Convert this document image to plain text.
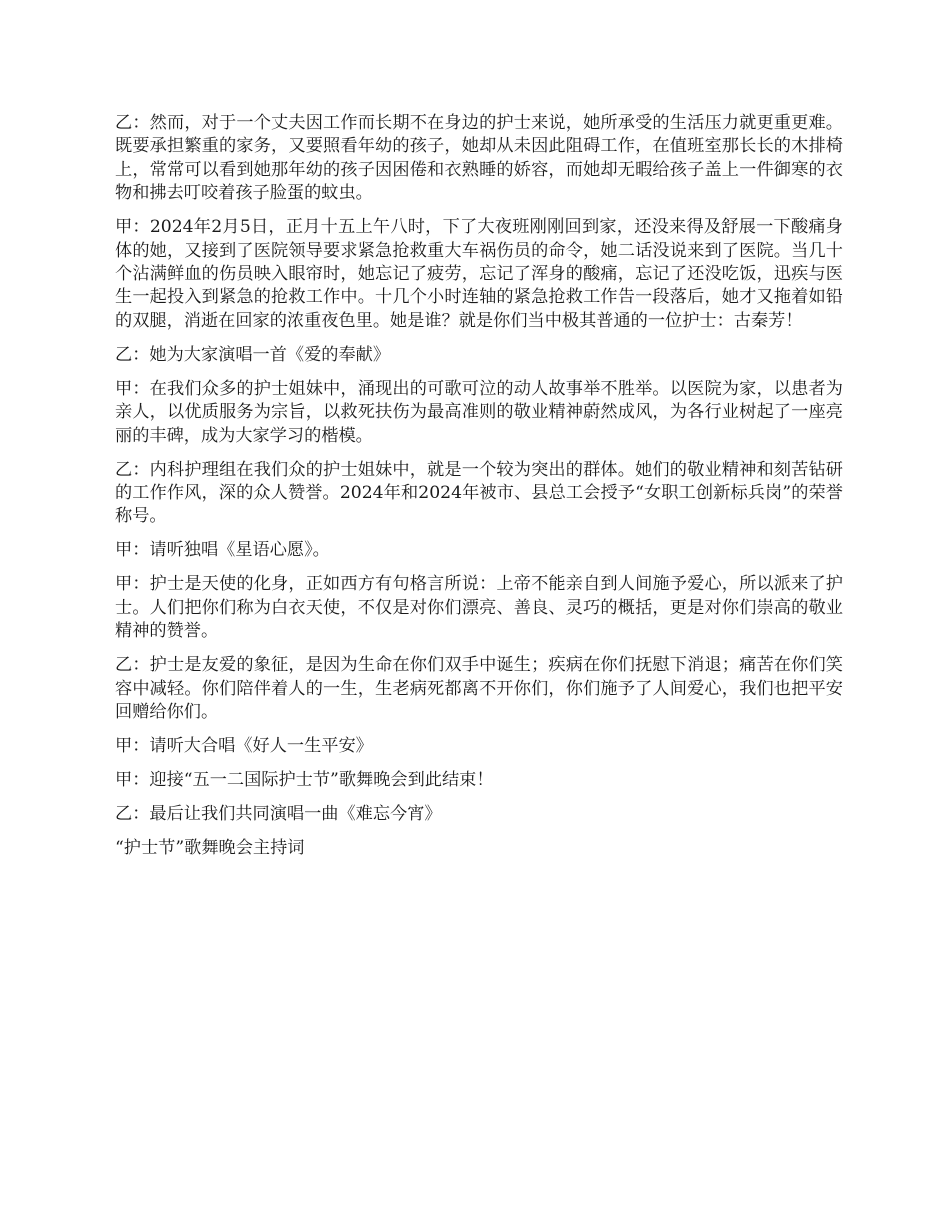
乙：然而，对于一个丈夫因工作而长期不在身边的护士来说，她所承受的生活压力就更重更难。既要承担繁重的家务，又要照看年幼的孩子，她却从未因此阻碍工作，在值班室那长长的木排椅上，常常可以看到她那年幼的孩子因困倦和衣熟睡的娇容，而她却无暇给孩子盖上一件御寒的衣物和拂去叮咬着孩子脸蛋的蚊虫。

甲：2024年2月5日，正月十五上午八时，下了大夜班刚刚回到家，还没来得及舒展一下酸痛身体的她，又接到了医院领导要求紧急抢救重大车祸伤员的命令，她二话没说来到了医院。当几十个沾满鲜血的伤员映入眼帘时，她忘记了疲劳，忘记了浑身的酸痛，忘记了还没吃饭，迅疾与医生一起投入到紧急的抢救工作中。十几个小时连轴的紧急抢救工作告一段落后，她才又拖着如铅的双腿，消逝在回家的浓重夜色里。她是谁？就是你们当中极其普通的一位护士：古秦芳！

乙：她为大家演唱一首《爱的奉献》

甲：在我们众多的护士姐妹中，涌现出的可歌可泣的动人故事举不胜举。以医院为家，以患者为亲人，以优质服务为宗旨，以救死扶伤为最高准则的敬业精神蔚然成风，为各行业树起了一座亮丽的丰碑，成为大家学习的楷模。

乙：内科护理组在我们众的护士姐妹中，就是一个较为突出的群体。她们的敬业精神和刻苦钻研的工作作风，深的众人赞誉。2024年和2024年被市、县总工会授予“女职工创新标兵岗”的荣誉称号。

甲：请听独唱《星语心愿》。

甲：护士是天使的化身，正如西方有句格言所说：上帝不能亲自到人间施予爱心，所以派来了护士。人们把你们称为白衣天使，不仅是对你们漂亮、善良、灵巧的概括，更是对你们崇高的敬业精神的赞誉。

乙：护士是友爱的象征，是因为生命在你们双手中诞生；疾病在你们抚慰下消退；痛苦在你们笑容中减轻。你们陪伴着人的一生，生老病死都离不开你们，你们施予了人间爱心，我们也把平安回赠给你们。

甲：请听大合唱《好人一生平安》

甲：迎接“五一二国际护士节”歌舞晚会到此结束！

乙：最后让我们共同演唱一曲《难忘今宵》

“护士节”歌舞晚会主持词
